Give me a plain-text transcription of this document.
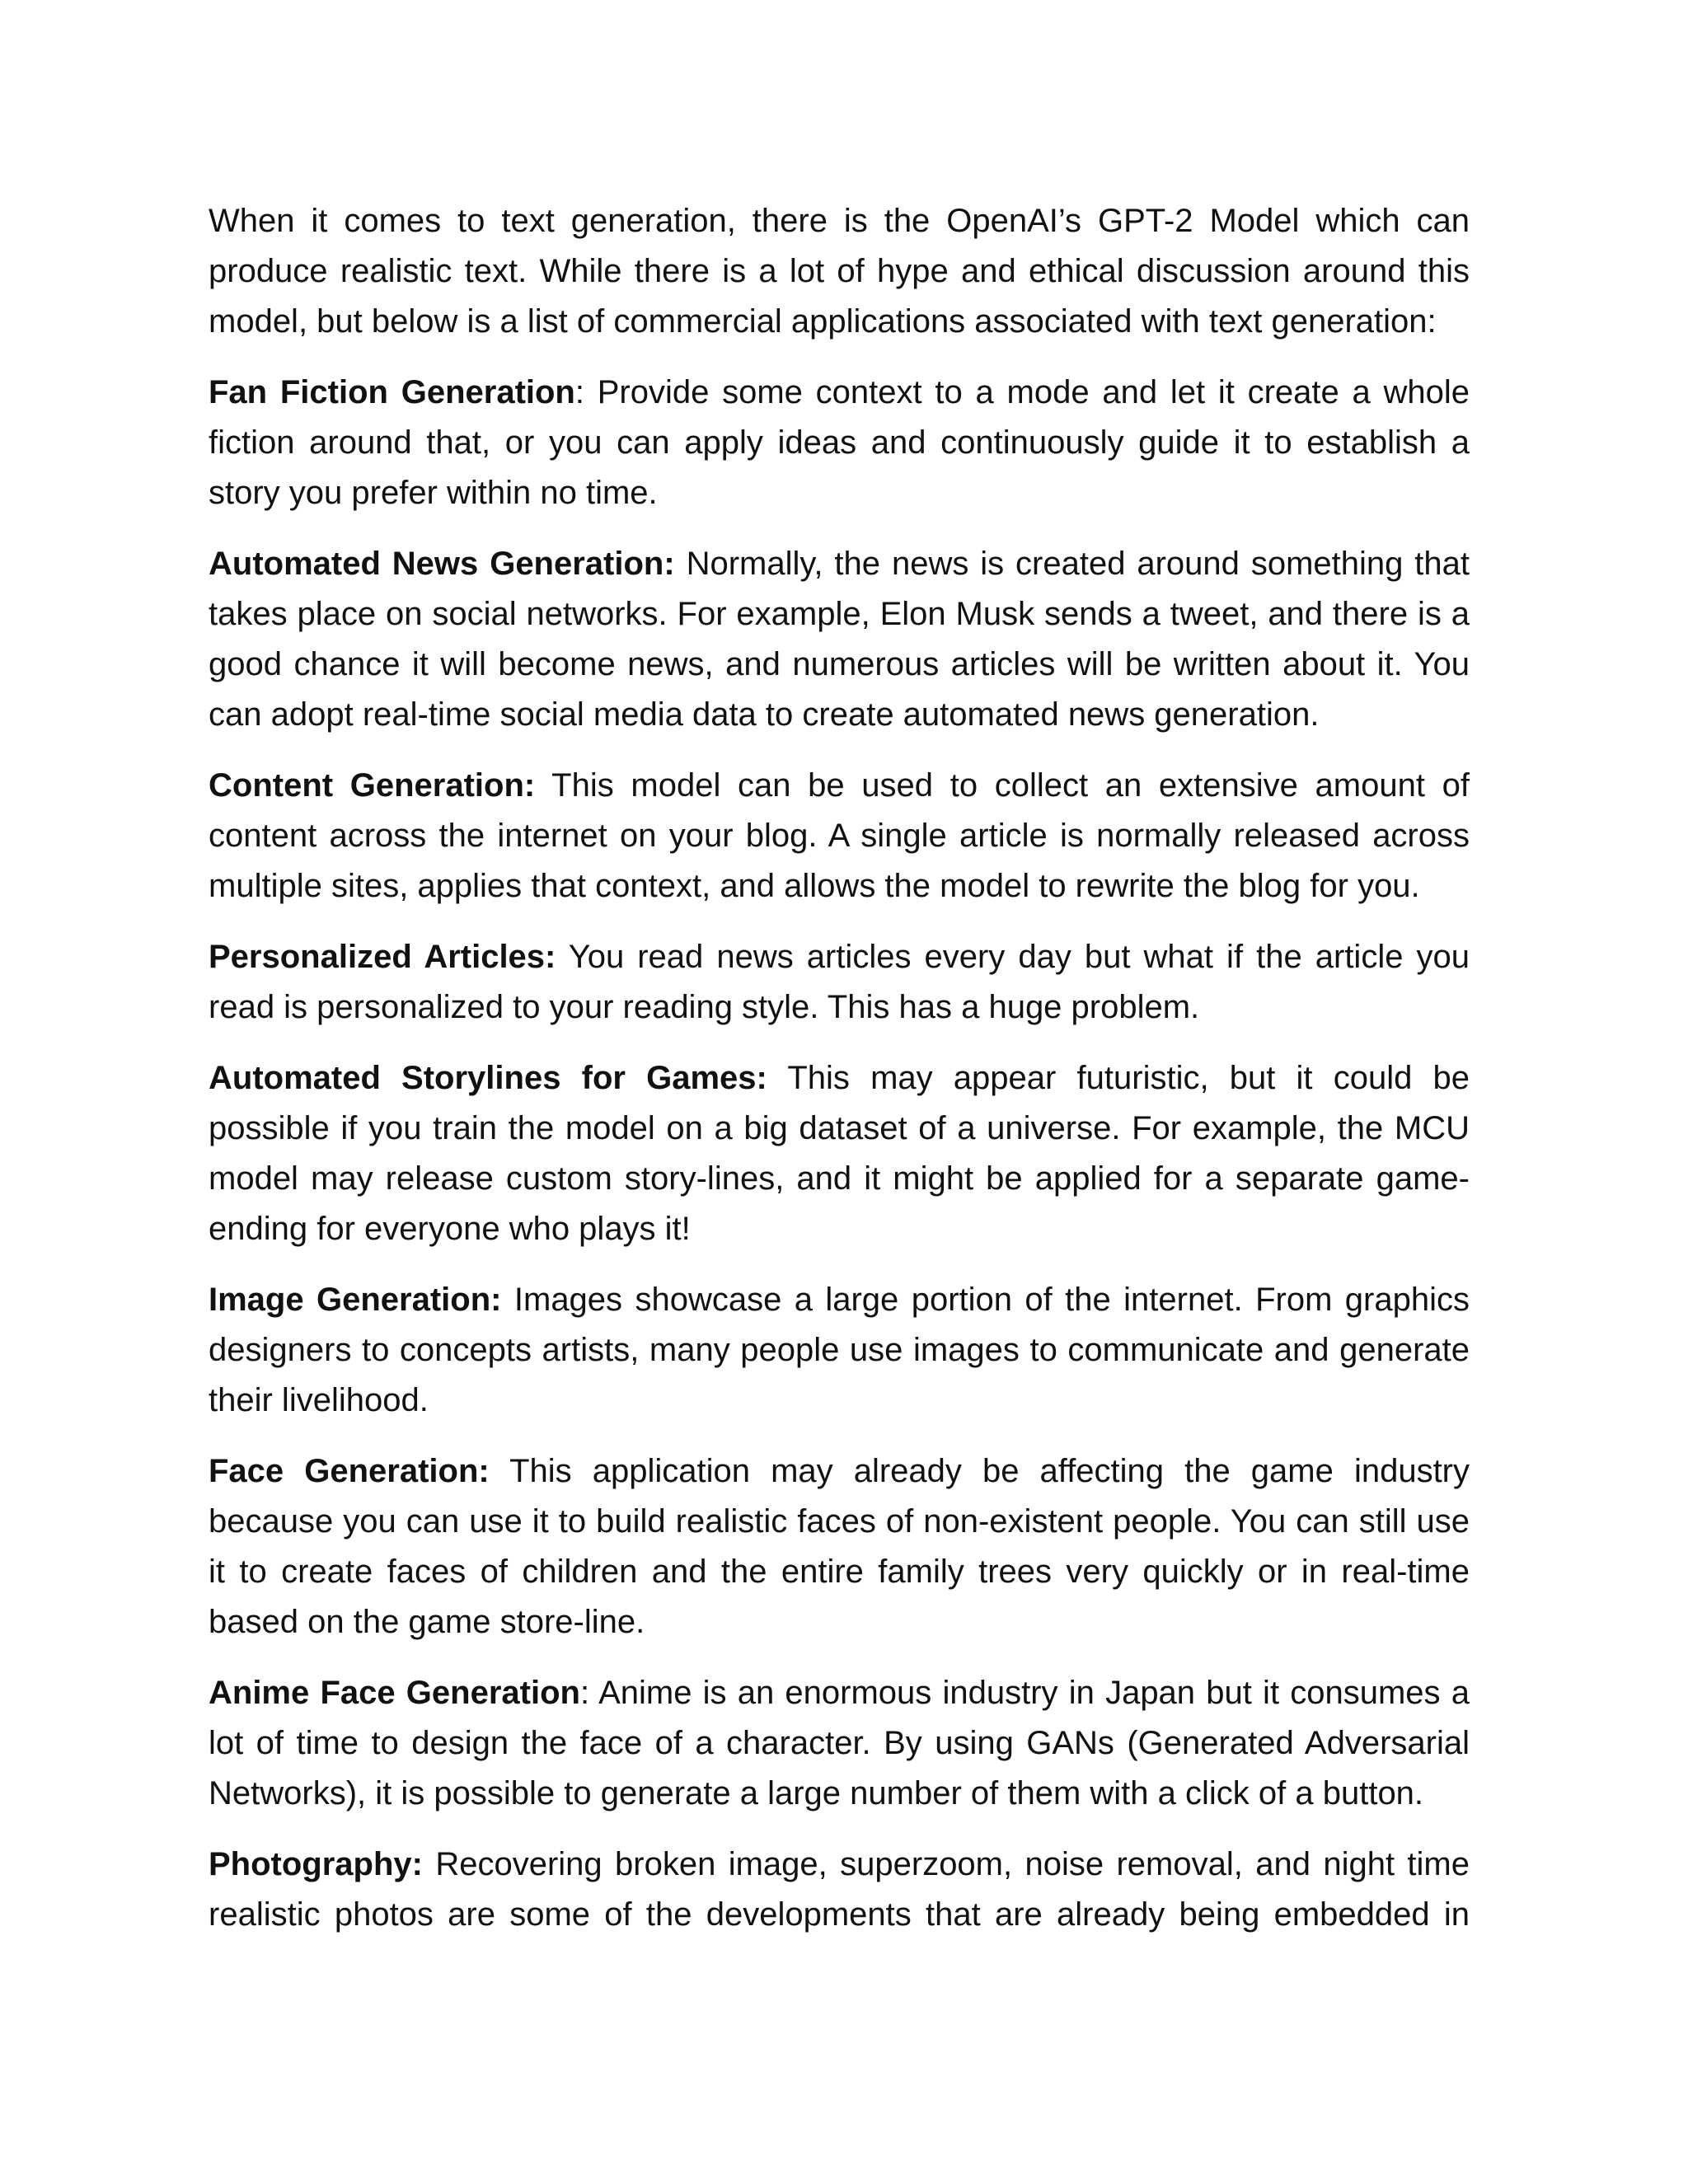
When it comes to text generation, there is the OpenAI’s GPT-2 Model which can produce realistic text. While there is a lot of hype and ethical discussion around this model, but below is a list of commercial applications associated with text generation:

Fan Fiction Generation: Provide some context to a mode and let it create a whole fiction around that, or you can apply ideas and continuously guide it to establish a story you prefer within no time.

Automated News Generation: Normally, the news is created around something that takes place on social networks. For example, Elon Musk sends a tweet, and there is a good chance it will become news, and numerous articles will be written about it. You can adopt real-time social media data to create automated news generation.

Content Generation: This model can be used to collect an extensive amount of content across the internet on your blog. A single article is normally released across multiple sites, applies that context, and allows the model to rewrite the blog for you.

Personalized Articles: You read news articles every day but what if the article you read is personalized to your reading style. This has a huge problem.

Automated Storylines for Games: This may appear futuristic, but it could be possible if you train the model on a big dataset of a universe. For example, the MCU model may release custom story-lines, and it might be applied for a separate game-ending for everyone who plays it!

Image Generation: Images showcase a large portion of the internet. From graphics designers to concepts artists, many people use images to communicate and generate their livelihood.

Face Generation: This application may already be affecting the game industry because you can use it to build realistic faces of non-existent people. You can still use it to create faces of children and the entire family trees very quickly or in real-time based on the game store-line.

Anime Face Generation: Anime is an enormous industry in Japan but it consumes a lot of time to design the face of a character. By using GANs (Generated Adversarial Networks), it is possible to generate a large number of them with a click of a button.

Photography: Recovering broken image, superzoom, noise removal, and night time realistic photos are some of the developments that are already being embedded in
